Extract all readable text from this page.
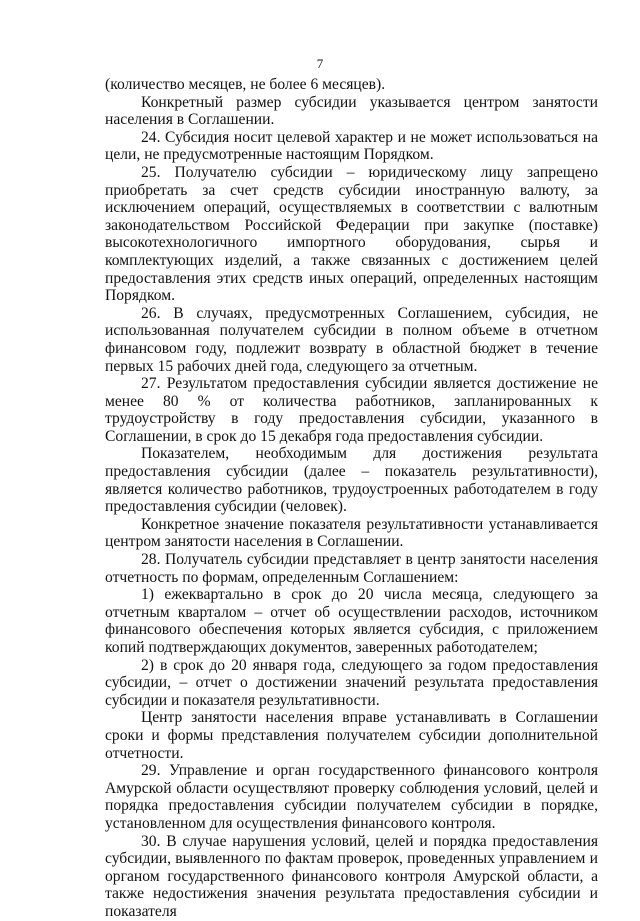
7

(количество месяцев, не более 6 месяцев).

Конкретный размер субсидии указывается центром занятости населения в Соглашении.

24. Субсидия носит целевой характер и не может использоваться на цели, не предусмотренные настоящим Порядком.

25. Получателю субсидии – юридическому лицу запрещено приобретать за счет средств субсидии иностранную валюту, за исключением операций, осуществляемых в соответствии с валютным законодательством Российской Федерации при закупке (поставке) высокотехнологичного импортного оборудования, сырья и комплектующих изделий, а также связанных с достижением целей предоставления этих средств иных операций, определенных настоящим Порядком.

26. В случаях, предусмотренных Соглашением, субсидия, не использованная получателем субсидии в полном объеме в отчетном финансовом году, подлежит возврату в областной бюджет в течение первых 15 рабочих дней года, следующего за отчетным.

27. Результатом предоставления субсидии является достижение не менее 80 % от количества работников, запланированных к трудоустройству в году предоставления субсидии, указанного в Соглашении, в срок до 15 декабря года предоставления субсидии.

Показателем, необходимым для достижения результата предоставления субсидии (далее – показатель результативности), является количество работников, трудоустроенных работодателем в году предоставления субсидии (человек).

Конкретное значение показателя результативности устанавливается центром занятости населения в Соглашении.

28. Получатель субсидии представляет в центр занятости населения отчетность по формам, определенным Соглашением:

1) ежеквартально в срок до 20 числа месяца, следующего за отчетным кварталом – отчет об осуществлении расходов, источником финансового обеспечения которых является субсидия, с приложением копий подтверждающих документов, заверенных работодателем;

2) в срок до 20 января года, следующего за годом предоставления субсидии, – отчет о достижении значений результата предоставления субсидии и показателя результативности.

Центр занятости населения вправе устанавливать в Соглашении сроки и формы представления получателем субсидии дополнительной отчетности.

29. Управление и орган государственного финансового контроля Амурской области осуществляют проверку соблюдения условий, целей и порядка предоставления субсидии получателем субсидии в порядке, установленном для осуществления финансового контроля.

30. В случае нарушения условий, целей и порядка предоставления субсидии, выявленного по фактам проверок, проведенных управлением и органом государственного финансового контроля Амурской области, а также недостижения значения результата предоставления субсидии и показателя
